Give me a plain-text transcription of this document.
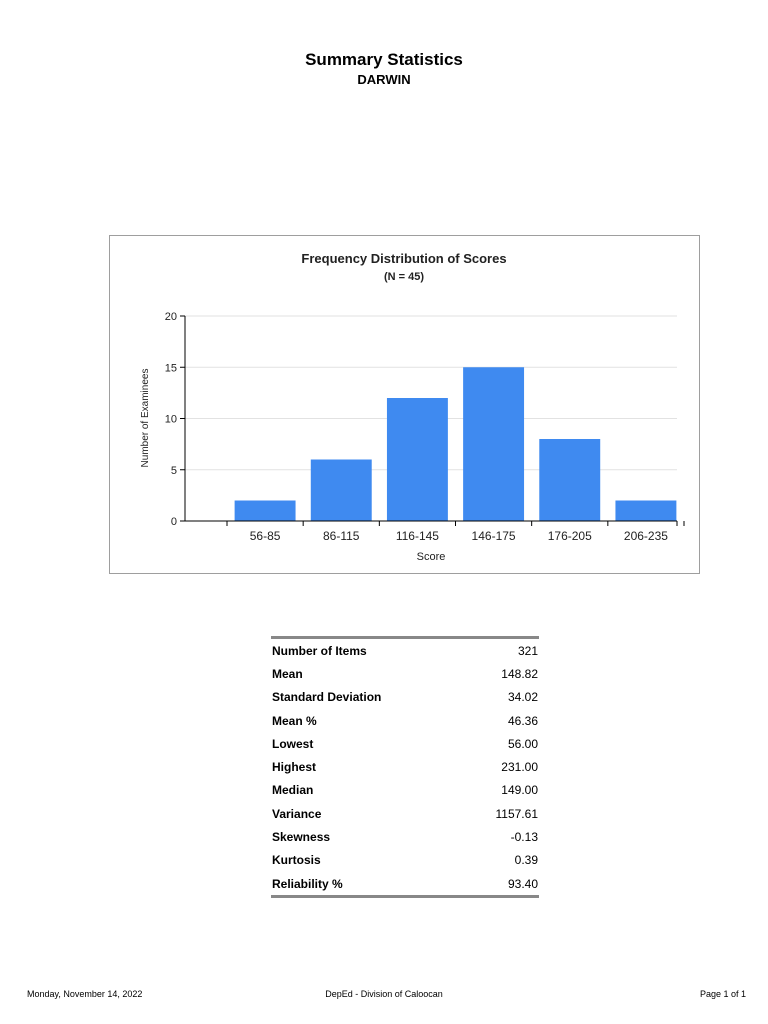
Summary Statistics
DARWIN
Frequency Distribution of Scores
(N = 45)
0
5
10
15
20
56-85	86-115	116-145	146-175	176-205	206-235
Score
Number of Examinees
Number of Items	321
Mean	148.82
Standard Deviation	34.02
Mean %	46.36
Lowest	56.00
Highest	231.00
Median	149.00
Variance	1157.61
Skewness	-0.13
Kurtosis	0.39
Reliability %	93.40
Monday, November 14, 2022	DepEd - Division of Caloocan	Page 1 of 1
